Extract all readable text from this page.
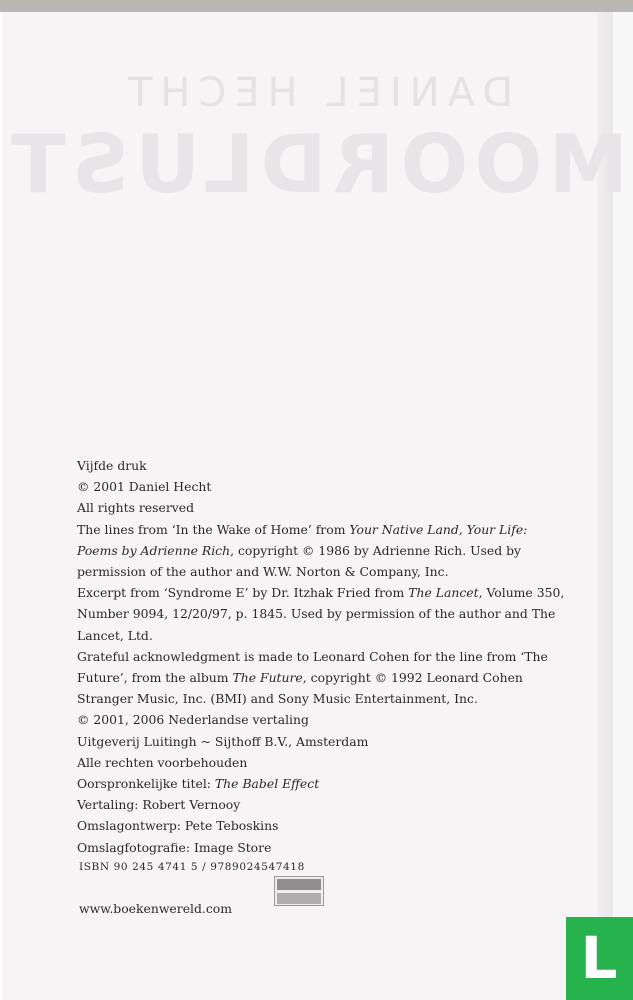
DANIEL HECHT
MOORDLUST

Vijfde druk

© 2001 Daniel Hecht

All rights reserved

The lines from ‘In the Wake of Home’ from Your Native Land, Your Life:

Poems by Adrienne Rich, copyright © 1986 by Adrienne Rich. Used by

permission of the author and W.W. Norton & Company, Inc.

Excerpt from ‘Syndrome E’ by Dr. Itzhak Fried from The Lancet, Volume 350,

Number 9094, 12/20/97, p. 1845. Used by permission of the author and The

Lancet, Ltd.

Grateful acknowledgment is made to Leonard Cohen for the line from ‘The

Future’, from the album The Future, copyright © 1992 Leonard Cohen

Stranger Music, Inc. (BMI) and Sony Music Entertainment, Inc.

© 2001, 2006 Nederlandse vertaling

Uitgeverij Luitingh ~ Sijthoff B.V., Amsterdam

Alle rechten voorbehouden

Oorspronkelijke titel: The Babel Effect

Vertaling: Robert Vernooy

Omslagontwerp: Pete Teboskins

Omslagfotografie: Image Store

ISBN 90 245 4741 5 / 9789024547418
www.boekenwereld.com
L
